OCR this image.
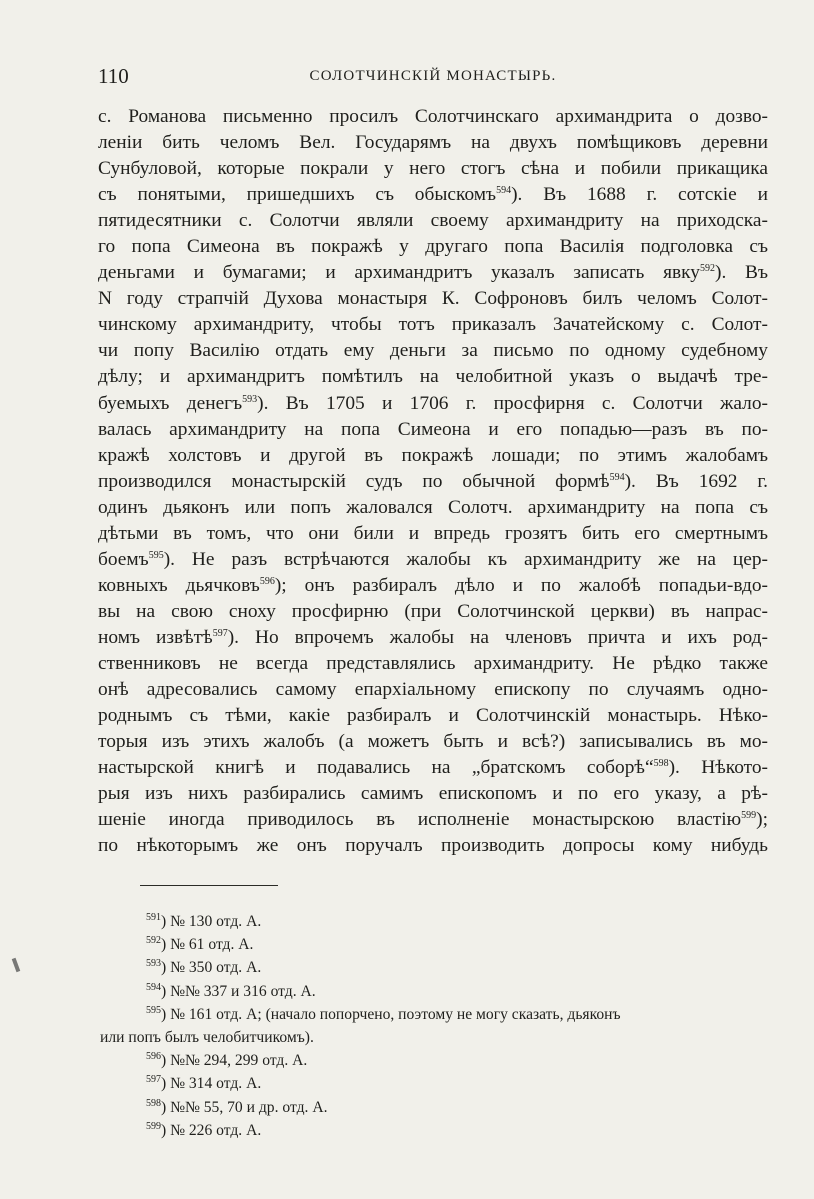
110	СОЛОТЧИНСКІЙ МОНАСТЫРЬ.
с. Романова письменно просилъ Солотчинскаго архимандрита о дозво-
ленiи бить челомъ Вел. Государямъ на двухъ помѣщиковъ деревни
Сунбуловой, которые покрали у него стогъ сѣна и побили прикащика
съ понятыми, пришедшихъ съ обыскомъ$^{594}$). Въ 1688 г. сотскіе и
пятидесятники с. Солотчи являли своему архимандриту на приходска-
го попа Симеона въ покражѣ у другаго попа Василія подголовка съ
деньгами и бумагами; и архимандритъ указалъ записать явку$^{592}$). Въ
N году страпчій Духова монастыря К. Софроновъ билъ челомъ Солот-
чинскому архимандриту, чтобы тотъ приказалъ Зачатейскому с. Солот-
чи попу Василію отдать ему деньги за письмо по одному судебному
дѣлу; и архимандритъ помѣтилъ на челобитной указъ о выдачѣ тре-
буемыхъ денегъ$^{593}$). Въ 1705 и 1706 г. просфирня с. Солотчи жало-
валась архимандриту на попа Симеона и его попадью—разъ въ по-
кражѣ холстовъ и другой въ покражѣ лошади; по этимъ жалобамъ
производился монастырскій судъ по обычной формѣ$^{594}$). Въ 1692 г.
одинъ дьяконъ или попъ жаловался Солотч. архимандриту на попа съ
дѣтьми въ томъ, что они били и впредь грозятъ бить его смертнымъ
боемъ$^{595}$). Не разъ встрѣчаются жалобы къ архимандриту же на цер-
ковныхъ дьячковъ$^{596}$); онъ разбиралъ дѣло и по жалобѣ попадьи-вдо-
вы на свою сноху просфирню (при Солотчинской церкви) въ напрас-
номъ извѣтѣ$^{597}$). Но впрочемъ жалобы на членовъ причта и ихъ род-
ственниковъ не всегда представлялись архимандриту. Не рѣдко также
онѣ адресовались самому епархіальному епископу по случаямъ одно-
роднымъ съ тѣми, какіе разбиралъ и Солотчинскій монастырь. Нѣко-
торыя изъ этихъ жалобъ (а можетъ быть и всѣ?) записывались въ мо-
настырской книгѣ и подавались на „братскомъ соборѣ“$^{598}$). Нѣкото-
рыя изъ нихъ разбирались самимъ епископомъ и по его указу, а рѣ-
шеніе иногда приводилось въ исполненіе монастырскою властію$^{599}$);
по нѣкоторымъ же онъ поручалъ производить допросы кому нибудь
$^{591}$) № 130 отд. А.
$^{592}$) № 61 отд. А.
$^{593}$) № 350 отд. А.
$^{594}$) №№ 337 и 316 отд. А.
$^{595}$) № 161 отд. А; (начало попорчено, поэтому не могу сказать, дьяконъ
или попъ былъ челобитчикомъ).
$^{596}$) №№ 294, 299 отд. А.
$^{597}$) № 314 отд. А.
$^{598}$) №№ 55, 70 и др. отд. А.
$^{599}$) № 226 отд. А.
